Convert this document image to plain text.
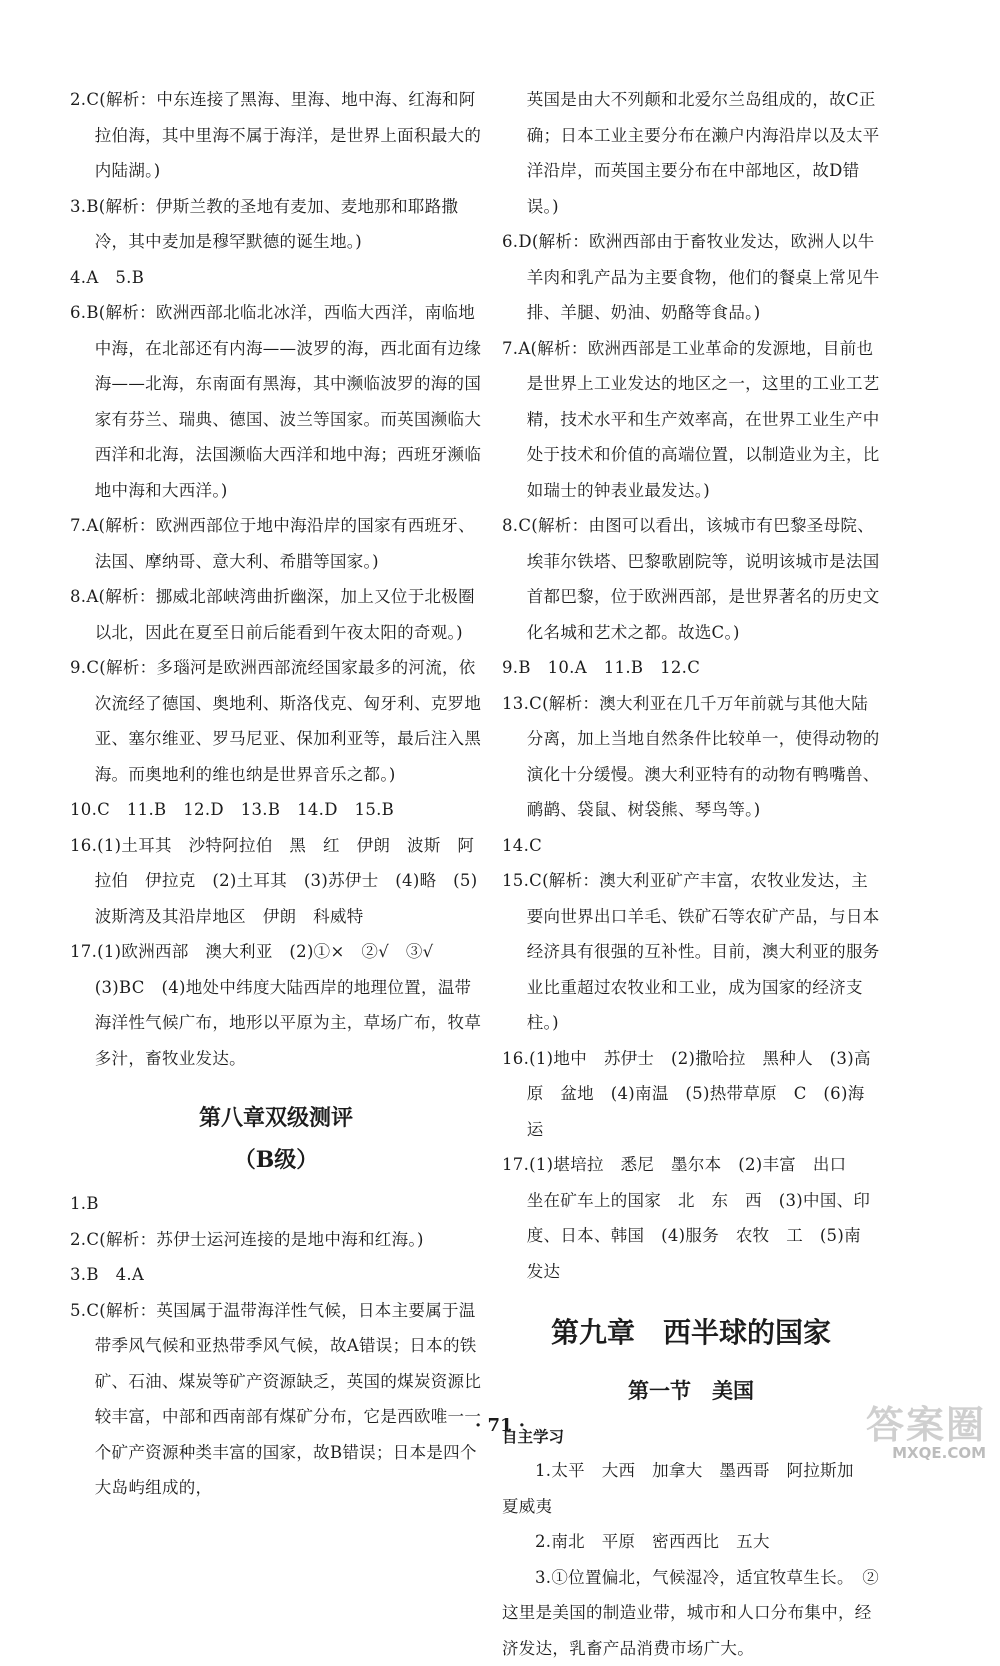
2.C(解析：中东连接了黑海、里海、地中海、红海和阿拉伯海，其中里海不属于海洋，是世界上面积最大的内陆湖。)

3.B(解析：伊斯兰教的圣地有麦加、麦地那和耶路撒冷，其中麦加是穆罕默德的诞生地。)

4.A　5.B

6.B(解析：欧洲西部北临北冰洋，西临大西洋，南临地中海，在北部还有内海——波罗的海，西北面有边缘海——北海，东南面有黑海，其中濒临波罗的海的国家有芬兰、瑞典、德国、波兰等国家。而英国濒临大西洋和北海，法国濒临大西洋和地中海；西班牙濒临地中海和大西洋。)

7.A(解析：欧洲西部位于地中海沿岸的国家有西班牙、法国、摩纳哥、意大利、希腊等国家。)

8.A(解析：挪威北部峡湾曲折幽深，加上又位于北极圈以北，因此在夏至日前后能看到午夜太阳的奇观。)

9.C(解析：多瑙河是欧洲西部流经国家最多的河流，依次流经了德国、奥地利、斯洛伐克、匈牙利、克罗地亚、塞尔维亚、罗马尼亚、保加利亚等，最后注入黑海。而奥地利的维也纳是世界音乐之都。)

10.C　11.B　12.D　13.B　14.D　15.B

16.(1)土耳其　沙特阿拉伯　黑　红　伊朗　波斯　阿拉伯　伊拉克　(2)土耳其　(3)苏伊士　(4)略　(5)波斯湾及其沿岸地区　伊朗　科威特

17.(1)欧洲西部　澳大利亚　(2)①×　②√　③√　(3)BC　(4)地处中纬度大陆西岸的地理位置，温带海洋性气候广布，地形以平原为主，草场广布，牧草多汁，畜牧业发达。

第八章双级测评
（B级）

1.B

2.C(解析：苏伊士运河连接的是地中海和红海。)

3.B　4.A

5.C(解析：英国属于温带海洋性气候，日本主要属于温带季风气候和亚热带季风气候，故A错误；日本的铁矿、石油、煤炭等矿产资源缺乏，英国的煤炭资源比较丰富，中部和西南部有煤矿分布，它是西欧唯一一个矿产资源种类丰富的国家，故B错误；日本是四个大岛屿组成的，

英国是由大不列颠和北爱尔兰岛组成的，故C正确；日本工业主要分布在濑户内海沿岸以及太平洋沿岸，而英国主要分布在中部地区，故D错误。)

6.D(解析：欧洲西部由于畜牧业发达，欧洲人以牛羊肉和乳产品为主要食物，他们的餐桌上常见牛排、羊腿、奶油、奶酪等食品。)

7.A(解析：欧洲西部是工业革命的发源地，目前也是世界上工业发达的地区之一，这里的工业工艺精，技术水平和生产效率高，在世界工业生产中处于技术和价值的高端位置，以制造业为主，比如瑞士的钟表业最发达。)

8.C(解析：由图可以看出，该城市有巴黎圣母院、埃菲尔铁塔、巴黎歌剧院等，说明该城市是法国首都巴黎，位于欧洲西部，是世界著名的历史文化名城和艺术之都。故选C。)

9.B　10.A　11.B　12.C

13.C(解析：澳大利亚在几千万年前就与其他大陆分离，加上当地自然条件比较单一，使得动物的演化十分缓慢。澳大利亚特有的动物有鸭嘴兽、鸸鹋、袋鼠、树袋熊、琴鸟等。)

14.C

15.C(解析：澳大利亚矿产丰富，农牧业发达，主要向世界出口羊毛、铁矿石等农矿产品，与日本经济具有很强的互补性。目前，澳大利亚的服务业比重超过农牧业和工业，成为国家的经济支柱。)

16.(1)地中　苏伊士　(2)撒哈拉　黑种人　(3)高原　盆地　(4)南温　(5)热带草原　C　(6)海运

17.(1)堪培拉　悉尼　墨尔本　(2)丰富　出口　坐在矿车上的国家　北　东　西　(3)中国、印度、日本、韩国　(4)服务　农牧　工　(5)南　发达

第九章　西半球的国家
第一节　美国
自主学习

1.太平　大西　加拿大　墨西哥　阿拉斯加　夏威夷

2.南北　平原　密西西比　五大

3.①位置偏北，气候湿冷，适宜牧草生长。　②这里是美国的制造业带，城市和人口分布集中，经济发达，乳畜产品消费市场广大。

· 71 ·	答案圈
MXQE.COM
